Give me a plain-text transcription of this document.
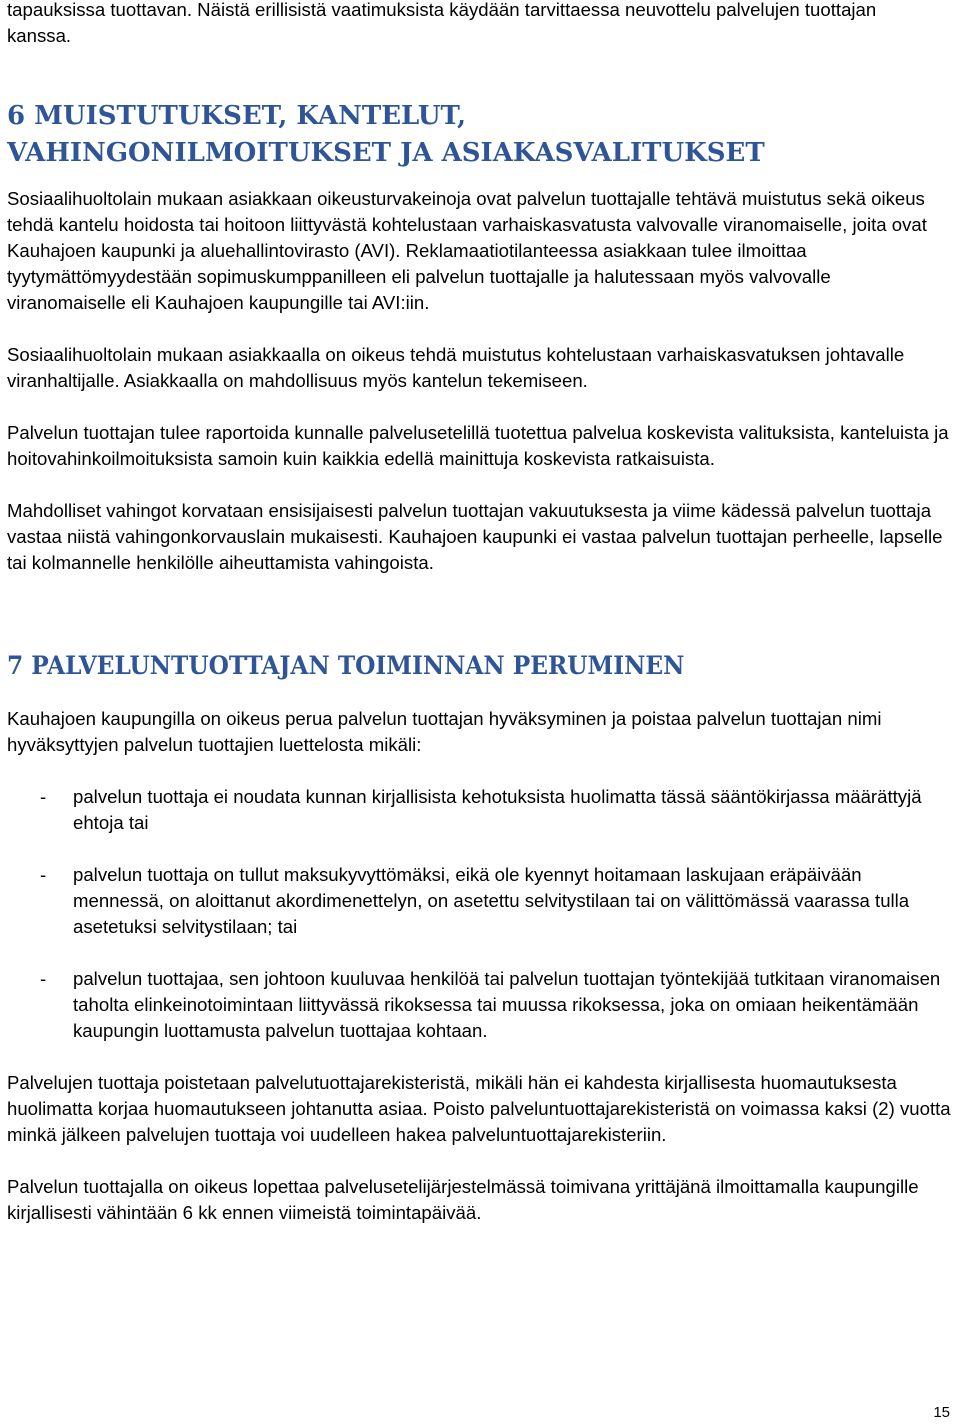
tapauksissa tuottavan. Näistä erillisistä vaatimuksista käydään tarvittaessa neuvottelu palvelujen tuottajan kanssa.

6 MUISTUTUKSET, KANTELUT, VAHINGONILMOITUKSET JA ASIAKASVALITUKSET

Sosiaalihuoltolain mukaan asiakkaan oikeusturvakeinoja ovat palvelun tuottajalle tehtävä muistutus sekä oikeus tehdä kantelu hoidosta tai hoitoon liittyvästä kohtelustaan varhaiskasvatusta valvovalle viranomaiselle, joita ovat Kauhajoen kaupunki ja aluehallintovirasto (AVI). Reklamaatiotilanteessa asiakkaan tulee ilmoittaa tyytymättömyydestään sopimuskumppanilleen eli palvelun tuottajalle ja halutessaan myös valvovalle viranomaiselle eli Kauhajoen kaupungille tai AVI:iin.

Sosiaalihuoltolain mukaan asiakkaalla on oikeus tehdä muistutus kohtelustaan varhaiskasvatuksen johtavalle viranhaltijalle. Asiakkaalla on mahdollisuus myös kantelun tekemiseen.

Palvelun tuottajan tulee raportoida kunnalle palvelusetelillä tuotettua palvelua koskevista valituksista, kanteluista ja hoitovahinkoilmoituksista samoin kuin kaikkia edellä mainittuja koskevista ratkaisuista.

Mahdolliset vahingot korvataan ensisijaisesti palvelun tuottajan vakuutuksesta ja viime kädessä palvelun tuottaja vastaa niistä vahingonkorvauslain mukaisesti. Kauhajoen kaupunki ei vastaa palvelun tuottajan perheelle, lapselle tai kolmannelle henkilölle aiheuttamista vahingoista.

7 PALVELUNTUOTTAJAN TOIMINNAN PERUMINEN

Kauhajoen kaupungilla on oikeus perua palvelun tuottajan hyväksyminen ja poistaa palvelun tuottajan nimi hyväksyttyjen palvelun tuottajien luettelosta mikäli:

- palvelun tuottaja ei noudata kunnan kirjallisista kehotuksista huolimatta tässä sääntökirjassa määrättyjä ehtoja tai
- palvelun tuottaja on tullut maksukyvyttömäksi, eikä ole kyennyt hoitamaan laskujaan eräpäivään mennessä, on aloittanut akordimenettelyn, on asetettu selvitystilaan tai on välittömässä vaarassa tulla asetetuksi selvitystilaan; tai
- palvelun tuottajaa, sen johtoon kuuluvaa henkilöä tai palvelun tuottajan työntekijää tutkitaan viranomaisen taholta elinkeinotoimintaan liittyvässä rikoksessa tai muussa rikoksessa, joka on omiaan heikentämään kaupungin luottamusta palvelun tuottajaa kohtaan.

Palvelujen tuottaja poistetaan palvelutuottajarekisteristä, mikäli hän ei kahdesta kirjallisesta huomautuksesta huolimatta korjaa huomautukseen johtanutta asiaa. Poisto palveluntuottajarekisteristä on voimassa kaksi (2) vuotta minkä jälkeen palvelujen tuottaja voi uudelleen hakea palveluntuottajarekisteriin.

Palvelun tuottajalla on oikeus lopettaa palvelusetelijärjestelmässä toimivana yrittäjänä ilmoittamalla kaupungille kirjallisesti vähintään 6 kk ennen viimeistä toimintapäivää.

15
